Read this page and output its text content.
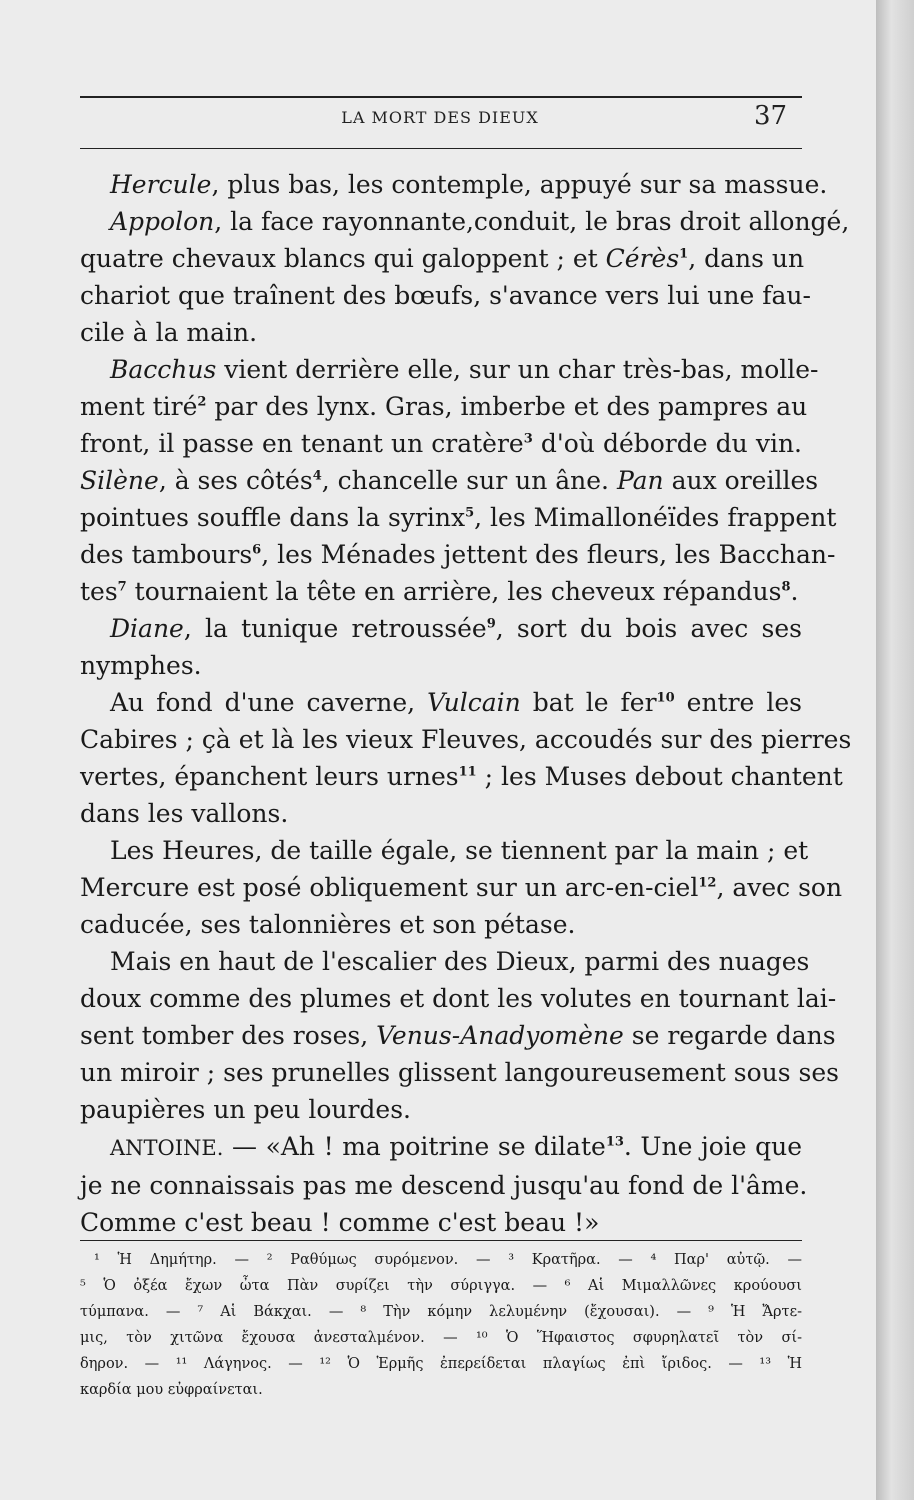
LA MORT DES DIEUX	37
Hercule, plus bas, les contemple, appuyé sur sa massue.
Appolon, la face rayonnante,conduit, le bras droit allongé,
quatre chevaux blancs qui galoppent ; et Cérès$^1$, dans un
chariot que traînent des bœufs, s'avance vers lui une fau-
cile à la main.
Bacchus vient derrière elle, sur un char très-bas, molle-
ment tiré$^2$ par des lynx. Gras, imberbe et des pampres au
front, il passe en tenant un cratère$^3$ d'où déborde du vin.
Silène, à ses côtés$^4$, chancelle sur un âne. Pan aux oreilles
pointues souffle dans la syrinx$^5$, les Mimallonéïdes frappent
des tambours$^6$, les Ménades jettent des fleurs, les Bacchan-
tes$^7$ tournaient la tête en arrière, les cheveux répandus$^8$.
Diane, la tunique retroussée$^9$, sort du bois avec ses
nymphes.
Au fond d'une caverne, Vulcain bat le fer$^{10}$ entre les
Cabires ; çà et là les vieux Fleuves, accoudés sur des pierres
vertes, épanchent leurs urnes$^{11}$ ; les Muses debout chantent
dans les vallons.
Les Heures, de taille égale, se tiennent par la main ; et
Mercure est posé obliquement sur un arc-en-ciel$^{12}$, avec son
caducée, ses talonnières et son pétase.
Mais en haut de l'escalier des Dieux, parmi des nuages
doux comme des plumes et dont les volutes en tournant lai-
sent tomber des roses, Venus-Anadyomène se regarde dans
un miroir ; ses prunelles glissent langoureusement sous ses
paupières un peu lourdes.
ANTOINE. — «Ah ! ma poitrine se dilate$^{13}$. Une joie que
je ne connaissais pas me descend jusqu'au fond de l'âme.
Comme c'est beau ! comme c'est beau !»
¹ Ἡ Δημήτηρ. — ² Ραθύμως συρόμενον. — ³ Κρατῆρα. — ⁴ Παρ' αὐτῷ. —
⁵ Ὁ ὀξέα ἔχων ὦτα Πὰν συρίζει τὴν σύριγγα. — ⁶ Αἱ Μιμαλλῶνες κρούουσι
τύμπανα. — ⁷ Αἱ Βάκχαι. — ⁸ Τὴν κόμην λελυμένην (ἔχουσαι). — ⁹ Ἡ Ἄρτε-
μις, τὸν χιτῶνα ἔχουσα ἀνεσταλμένον. — ¹⁰ Ὁ Ἥφαιστος σφυρηλατεῖ τὸν σί-
δηρον. — ¹¹ Λάγηνος. — ¹² Ὁ Ἑρμῆς ἐπερείδεται πλαγίως ἐπὶ ἴριδος. — ¹³ Ἡ
καρδία μου εὐφραίνεται.
